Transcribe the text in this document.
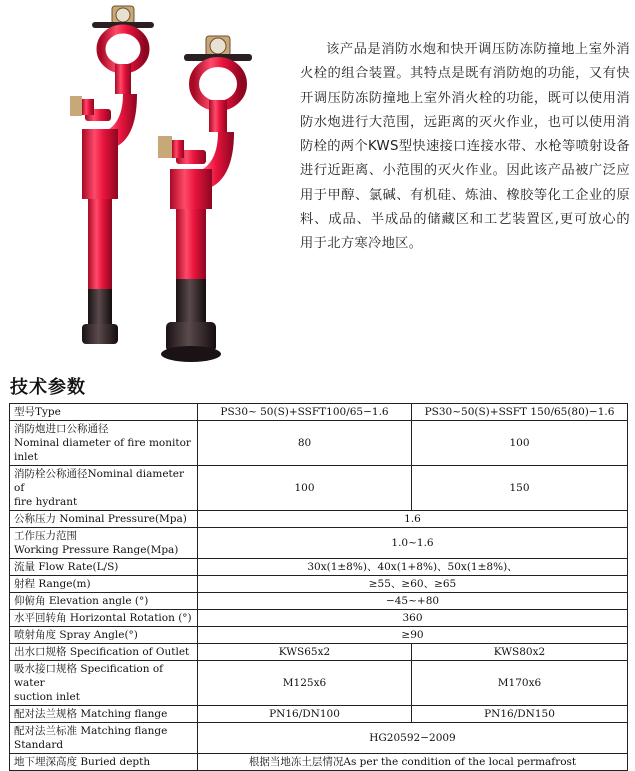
该产品是消防水炮和快开调压防冻防撞地上室外消火栓的组合装置。其特点是既有消防炮的功能，又有快开调压防冻防撞地上室外消火栓的功能，既可以使用消防水炮进行大范围，远距离的灭火作业，也可以使用消防栓的两个KWS型快速接口连接水带、水枪等喷射设备进行近距离、小范围的灭火作业。因此该产品被广泛应用于甲醇、氯碱、有机硅、炼油、橡胶等化工企业的原料、成品、半成品的储藏区和工艺装置区,更可放心的用于北方寒冷地区。

技术参数
型号Type	PS30~ 50(S)+SSFT100/65−1.6	PS30~50(S)+SSFT 150/65(80)−1.6

消防炮进口公称通径
Nominal diameter of fire monitor inlet	80	100

消防栓公称通径Nominal diameter of
fire hydrant	100	150
公称压力 Nominal Pressure(Mpa)	1.6	

工作压力范围
Working Pressure Range(Mpa)	1.0~1.6	
流量 Flow Rate(L/S)	30x(1±8%)、40x(1+8%)、50x(1±8%)、	
射程 Range(m)	≥55、≥60、≥65	
仰俯角 Elevation angle (°)	−45~+80	
水平回转角 Horizontal Rotation (°)	360	
喷射角度 Spray Angle(°)	≥90	
出水口规格 Specification of Outlet	KWS65x2	KWS80x2

吸水接口规格 Specification of water
suction inlet	M125x6	M170x6
配对法兰规格 Matching flange	PN16/DN100	PN16/DN150

配对法兰标准 Matching flange
Standard	HG20592−2009	
地下埋深高度 Buried depth	根据当地冻土层情况As per the condition of the local permafrost	
